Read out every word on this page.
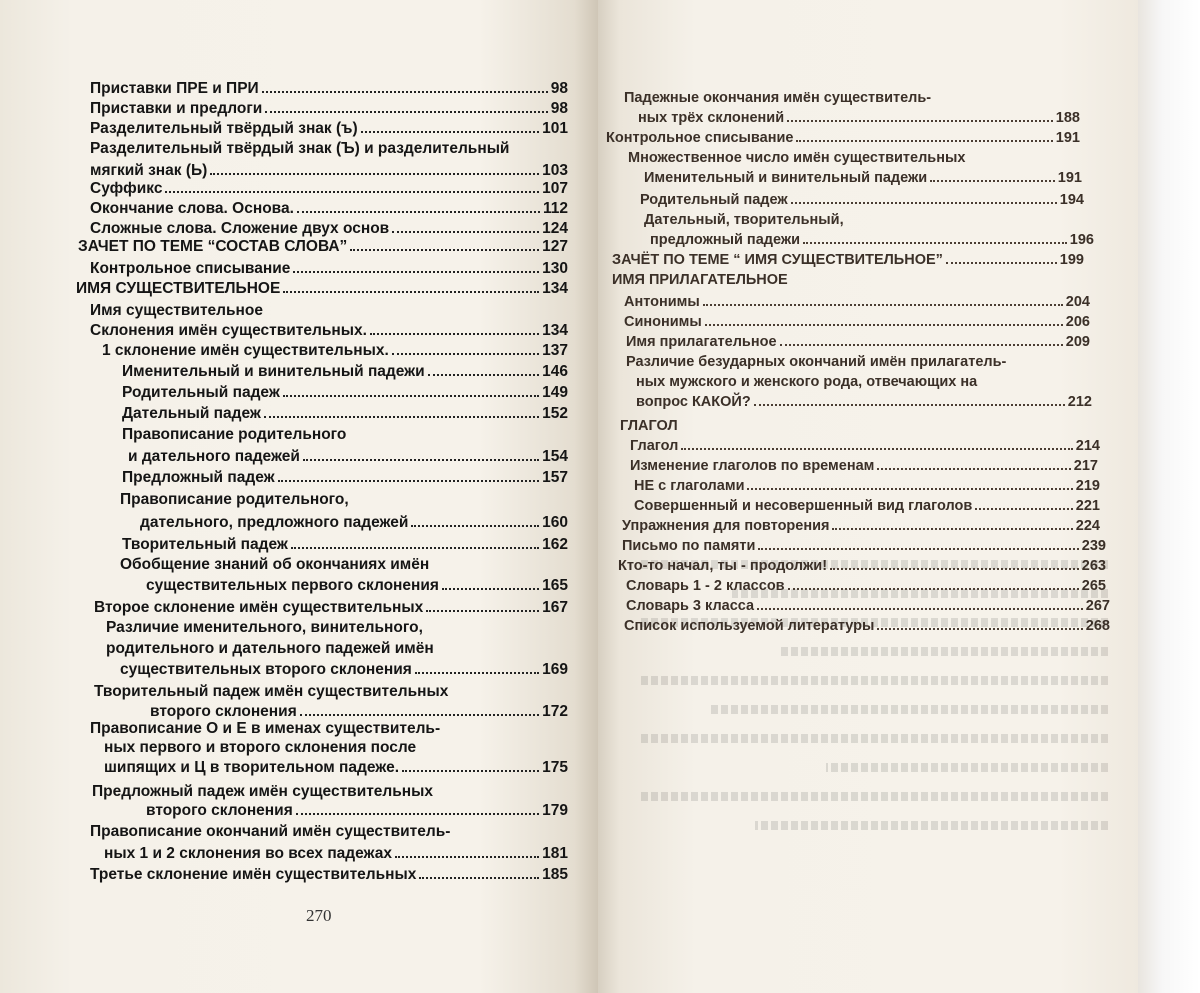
270

Приставки ПРЕ и ПРИ	98

Приставки и предлоги	98

Разделительный твёрдый знак (ъ)	101

Разделительный твёрдый знак (Ъ) и разделительный

мягкий знак (Ь)	103

Суффикс	107

Окончание слова. Основа.	112

Сложные слова. Сложение двух основ	124

ЗАЧЕТ ПО ТЕМЕ “СОСТАВ СЛОВА”	127

Контрольное списывание	130

ИМЯ СУЩЕСТВИТЕЛЬНОЕ	134

Имя существительное

Склонения имён существительных.	134

1 склонение имён существительных.	137

Именительный и винительный падежи	146

Родительный падеж	149

Дательный падеж	152

Правописание родительного

и дательного падежей	154

Предложный падеж	157

Правописание родительного,

дательного, предложного падежей	160

Творительный падеж	162

Обобщение знаний об окончаниях имён

существительных первого склонения	165

Второе склонение имён существительных	167

Различие именительного, винительного,

родительного и дательного падежей имён

существительных второго склонения	169

Творительный падеж имён существительных

второго склонения	172

Правописание О и Е в именах существитель-

ных первого и второго склонения после

шипящих и Ц в творительном падеже.	175

Предложный падеж имён существительных

второго склонения	179

Правописание окончаний имён существитель-

ных 1 и 2 склонения во всех падежах	181

Третье склонение имён существительных	185

Падежные окончания имён существитель-

ных трёх склонений	188

Контрольное списывание	191

Множественное число имён существительных

Именительный и винительный падежи	191

Родительный падеж	194

Дательный, творительный,

предложный падежи	196

ЗАЧЁТ ПО ТЕМЕ “ ИМЯ СУЩЕСТВИТЕЛЬНОЕ”	199

ИМЯ ПРИЛАГАТЕЛЬНОЕ

Антонимы	204

Синонимы	206

Имя прилагательное	209

Различие безударных окончаний имён прилагатель-

ных мужского и женского рода, отвечающих на

вопрос КАКОЙ?	212

ГЛАГОЛ

Глагол	214

Изменение глаголов по временам	217

НЕ с глаголами	219

Совершенный и несовершенный вид глаголов	221

Упражнения для повторения	224

Письмо по памяти	239

Кто-то начал, ты - продолжи!	263

Словарь 1 - 2 классов	265

Словарь 3 класса	267

Список используемой литературы	268
